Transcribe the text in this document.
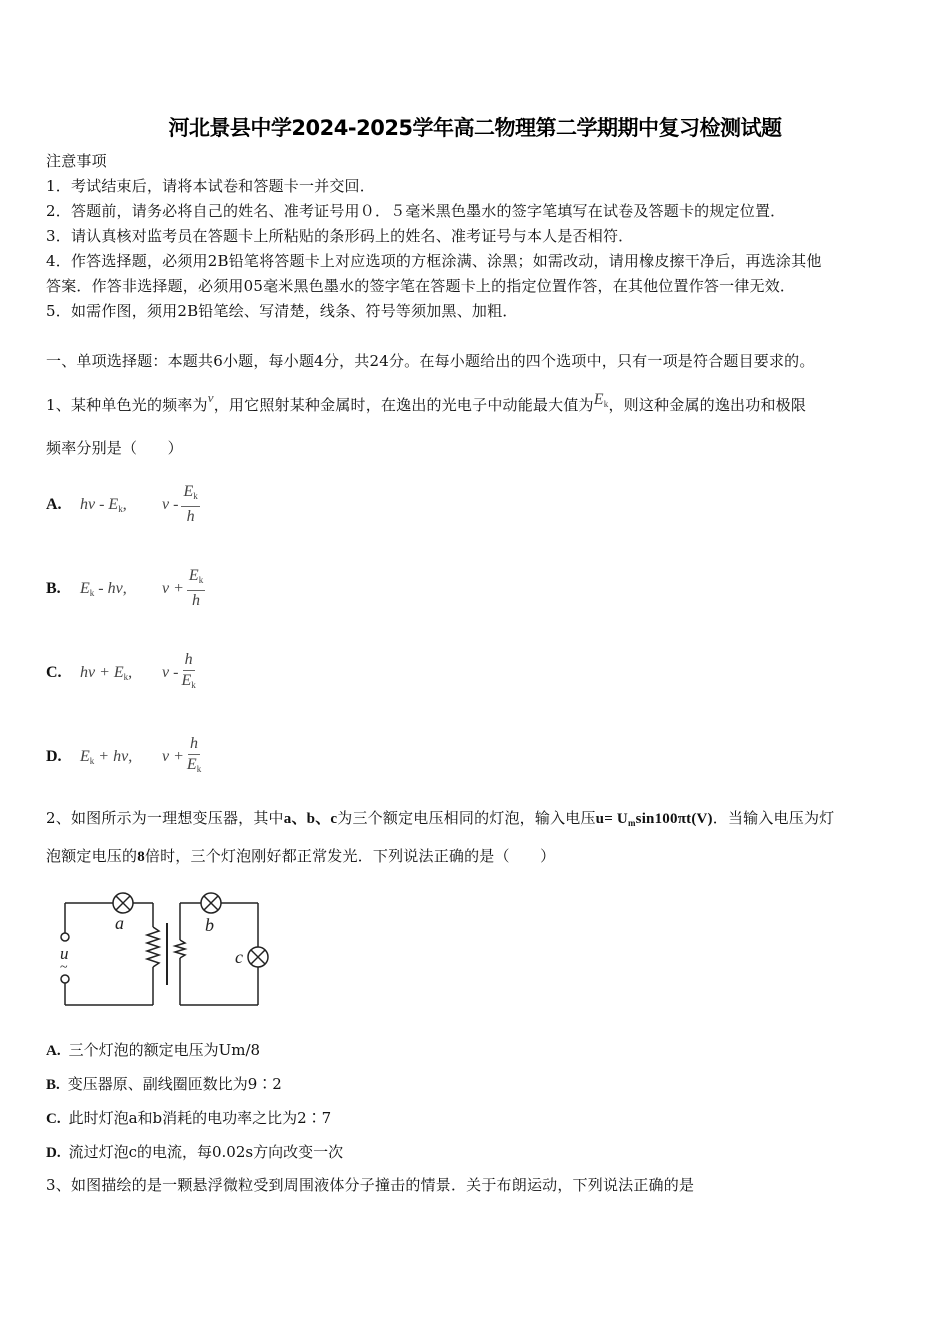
河北景县中学2024-2025学年高二物理第二学期期中复习检测试题
注意事项
1．考试结束后，请将本试卷和答题卡一并交回．
2．答题前，请务必将自己的姓名、准考证号用０．５毫米黑色墨水的签字笔填写在试卷及答题卡的规定位置．
3．请认真核对监考员在答题卡上所粘贴的条形码上的姓名、准考证号与本人是否相符．
4．作答选择题，必须用2B铅笔将答题卡上对应选项的方框涂满、涂黑；如需改动，请用橡皮擦干净后，再选涂其他
答案．作答非选择题，必须用05毫米黑色墨水的签字笔在答题卡上的指定位置作答，在其他位置作答一律无效．
5．如需作图，须用2B铅笔绘、写清楚，线条、符号等须加黑、加粗．
一、单项选择题：本题共6小题，每小题4分，共24分。在每小题给出的四个选项中，只有一项是符合题目要求的。
1、某种单色光的频率为ν，用它照射某种金属时，在逸出的光电子中动能最大值为$E_k$，则这种金属的逸出功和极限
频率分别是（　　）
A.	hν - $E_k$,	ν - $\frac{E_k}{h}$
B.	$E_k$ - hν,	$\nu + \frac{E_k}{h}$
C.	$h\nu + E_k$,	ν - $\frac{h}{E_k}$
D.	$E_k + h\nu$,	$\nu + \frac{h}{E_k}$
2、如图所示为一理想变压器，其中a、b、c为三个额定电压相同的灯泡，输入电压$u= U_m\sin 100\pi t(V)$．当输入电压为灯
泡额定电压的8倍时，三个灯泡刚好都正常发光．下列说法正确的是（　　）
a	b
c
u
~
A. 三个灯泡的额定电压为Um/8
B. 变压器原、副线圈匝数比为9∶2
C. 此时灯泡a和b消耗的电功率之比为2∶7
D. 流过灯泡c的电流，每0.02s方向改变一次
3、如图描绘的是一颗悬浮微粒受到周围液体分子撞击的情景．关于布朗运动，下列说法正确的是
